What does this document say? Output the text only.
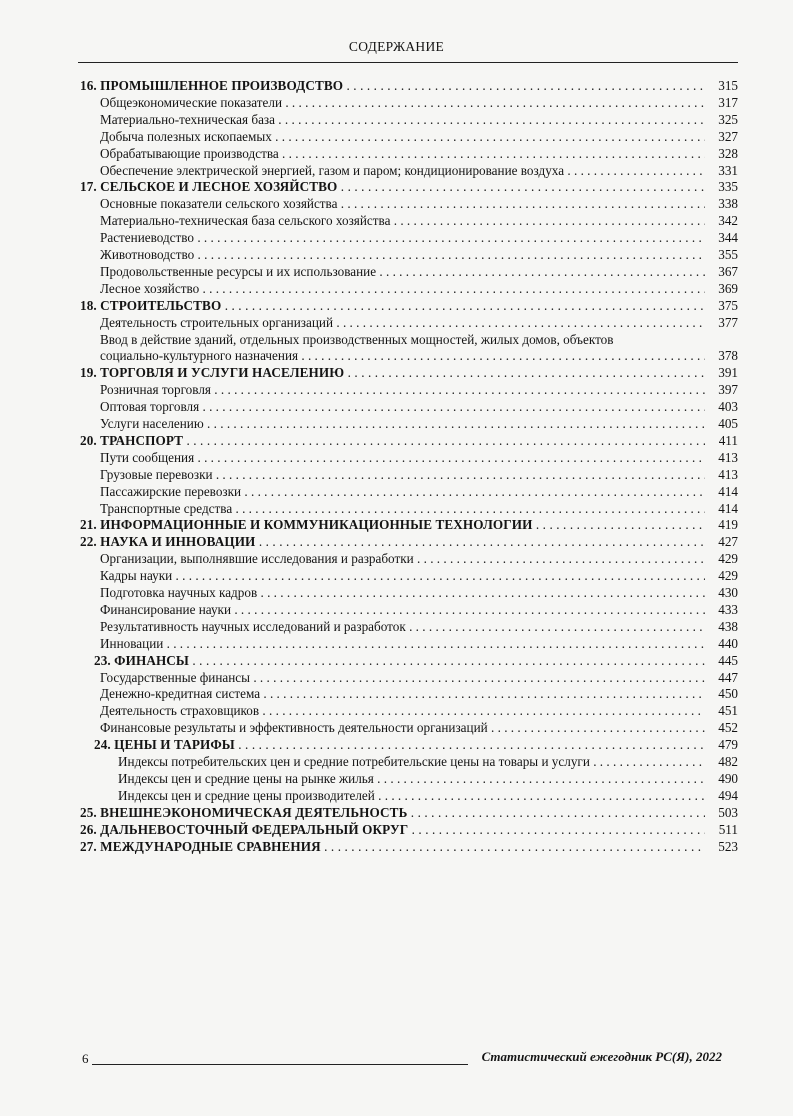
СОДЕРЖАНИЕ
16. ПРОМЫШЛЕННОЕ ПРОИЗВОДСТВО . . .	315
Общеэкономические показатели . . .	317
Материально-техническая база . . .	325
Добыча полезных ископаемых . . .	327
Обрабатывающие производства . . .	328
Обеспечение электрической энергией, газом и паром; кондиционирование воздуха . . .	331
17. СЕЛЬСКОЕ И ЛЕСНОЕ ХОЗЯЙСТВО . . .	335
Основные показатели сельского хозяйства . . .	338
Материально-техническая база сельского хозяйства . . .	342
Растениеводство . . .	344
Животноводство . . .	355
Продовольственные ресурсы и их использование . . .	367
Лесное хозяйство . . .	369
18. СТРОИТЕЛЬСТВО . . .	375
Деятельность строительных организаций . . .	377
Ввод в действие зданий, отдельных производственных мощностей, жилых домов, объектов
социально-культурного назначения . . .	378
19. ТОРГОВЛЯ И УСЛУГИ НАСЕЛЕНИЮ . . .	391
Розничная торговля . . .	397
Оптовая торговля . . .	403
Услуги населению . . .	405
20. ТРАНСПОРТ . . .	411
Пути сообщения . . .	413
Грузовые перевозки . . .	413
Пассажирские перевозки . . .	414
Транспортные средства . . .	414
21. ИНФОРМАЦИОННЫЕ И КОММУНИКАЦИОННЫЕ ТЕХНОЛОГИИ . . .	419
22. НАУКА И ИННОВАЦИИ . . .	427
Организации, выполнявшие исследования и разработки . . .	429
Кадры науки . . .	429
Подготовка научных кадров . . .	430
Финансирование науки . . .	433
Результативность научных исследований и разработок . . .	438
Инновации . . .	440
23. ФИНАНСЫ . . .	445
Государственные финансы . . .	447
Денежно-кредитная система . . .	450
Деятельность страховщиков . . .	451
Финансовые результаты и эффективность деятельности организаций . . .	452
24. ЦЕНЫ И ТАРИФЫ . . .	479
Индексы потребительских цен и средние потребительские цены на товары и услуги . . .	482
Индексы цен и средние цены на рынке жилья . . .	490
Индексы цен и средние цены производителей . . .	494
25. ВНЕШНЕЭКОНОМИЧЕСКАЯ ДЕЯТЕЛЬНОСТЬ . . .	503
26. ДАЛЬНЕВОСТОЧНЫЙ ФЕДЕРАЛЬНЫЙ ОКРУГ . . .	511
27. МЕЖДУНАРОДНЫЕ СРАВНЕНИЯ . . .	523
6	Статистический ежегодник РС(Я), 2022
